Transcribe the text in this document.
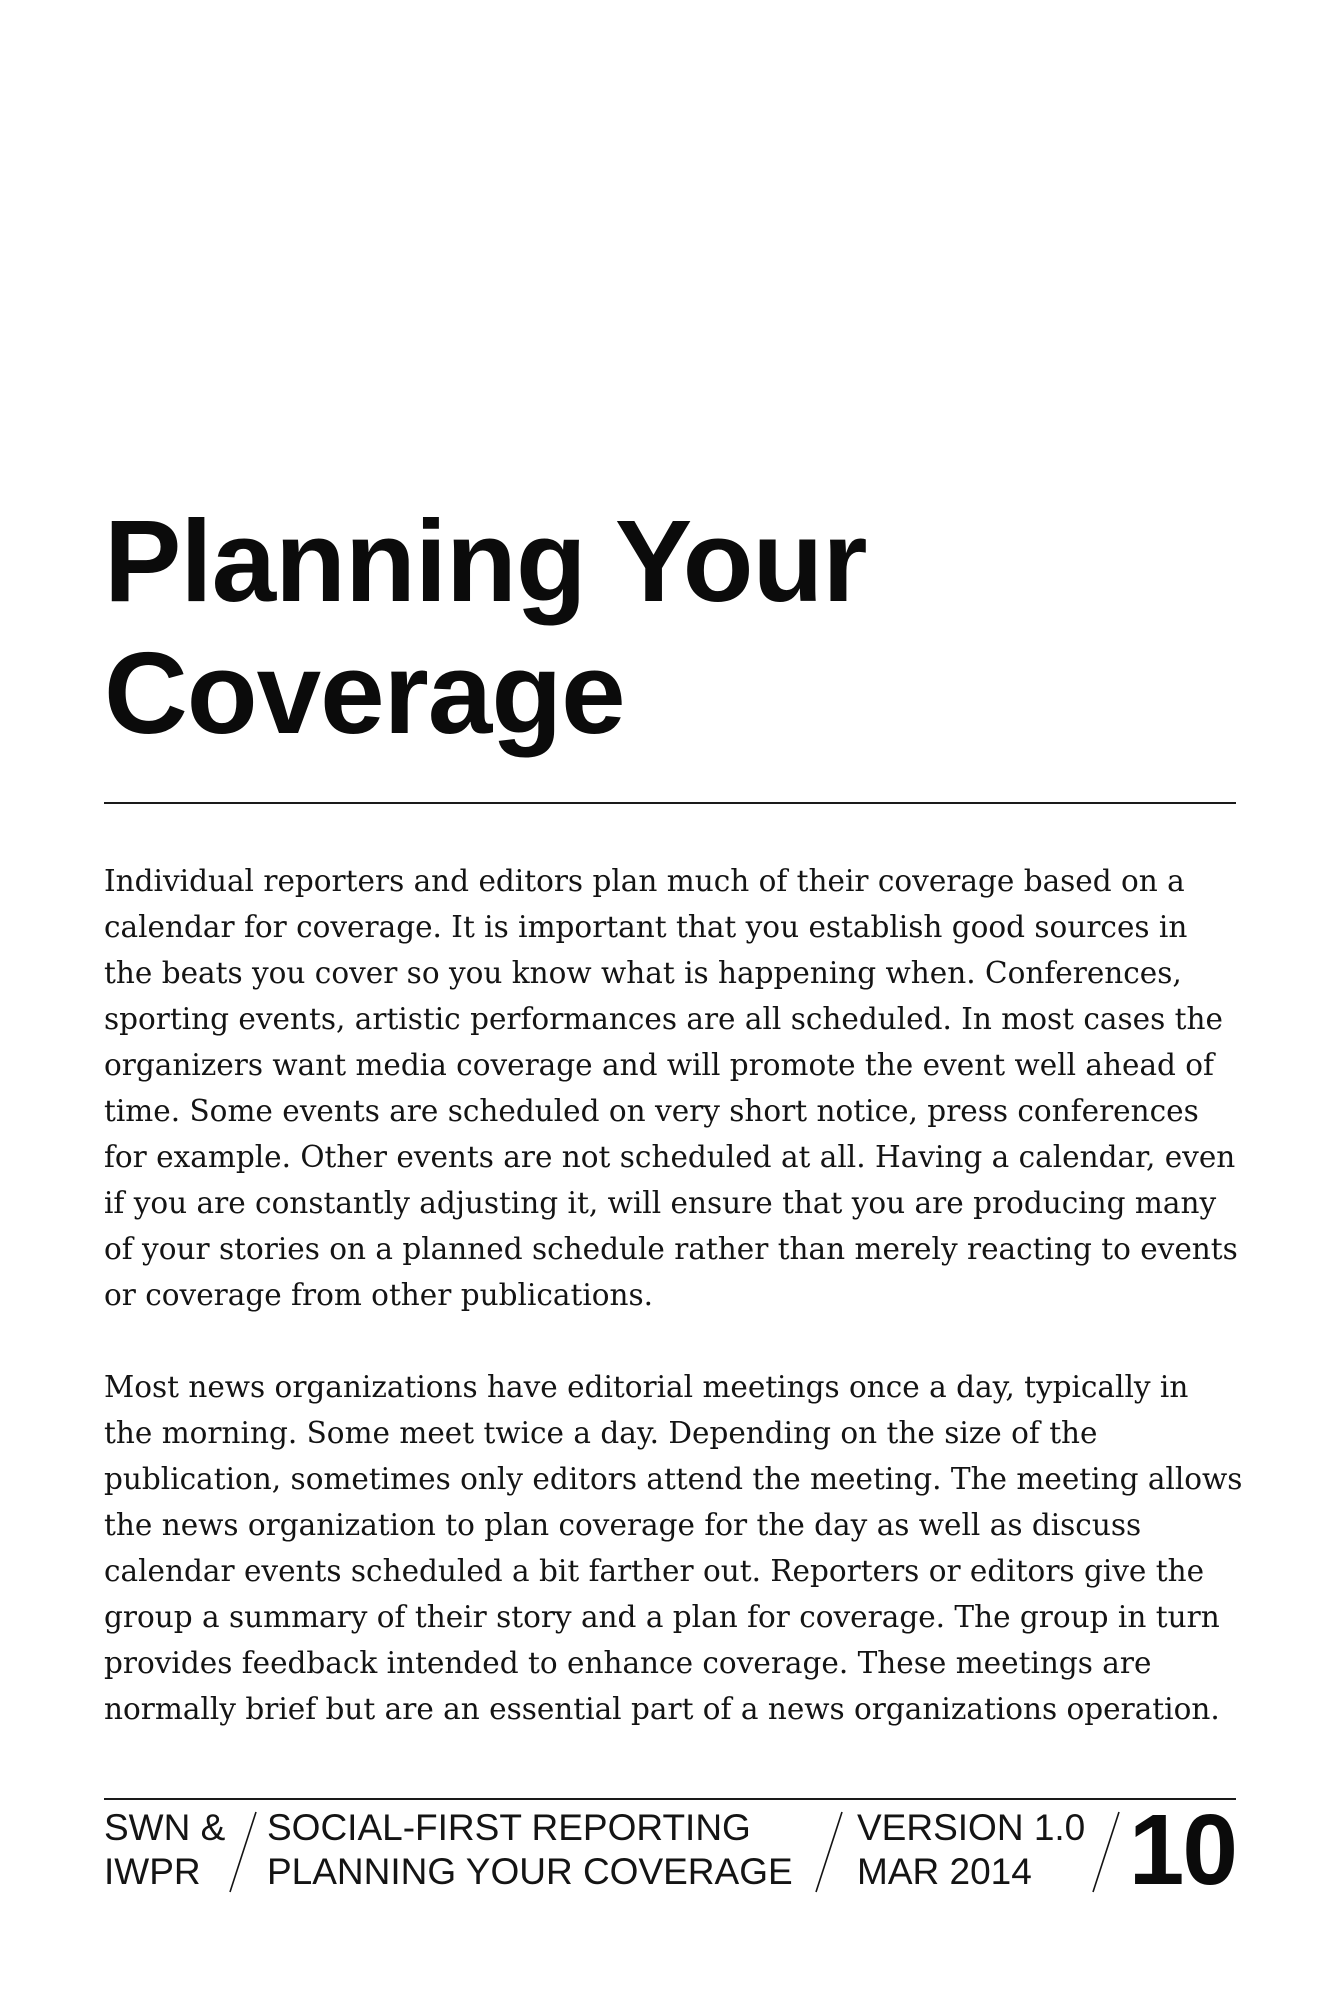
Planning Your
Coverage

Individual reporters and editors plan much of their coverage based on a calendar for coverage. It is important that you establish good sources in the beats you cover so you know what is happening when. Conferences, sporting events, artistic performances are all scheduled. In most cases the organizers want media coverage and will promote the event well ahead of time. Some events are scheduled on very short notice, press conferences for example. Other events are not scheduled at all. Having a calendar, even if you are constantly adjusting it, will ensure that you are producing many of your stories on a planned schedule rather than merely reacting to events or coverage from other publications.

Most news organizations have editorial meetings once a day, typically in the morning. Some meet twice a day. Depending on the size of the publication, sometimes only editors attend the meeting. The meeting allows the news organization to plan coverage for the day as well as discuss calendar events scheduled a bit farther out. Reporters or editors give the group a summary of their story and a plan for coverage. The group in turn provides feedback intended to enhance coverage. These meetings are normally brief but are an essential part of a news organizations operation.

SWN &
IWPR
SOCIAL-FIRST REPORTING
PLANNING YOUR COVERAGE
VERSION 1.0
MAR 2014 10
